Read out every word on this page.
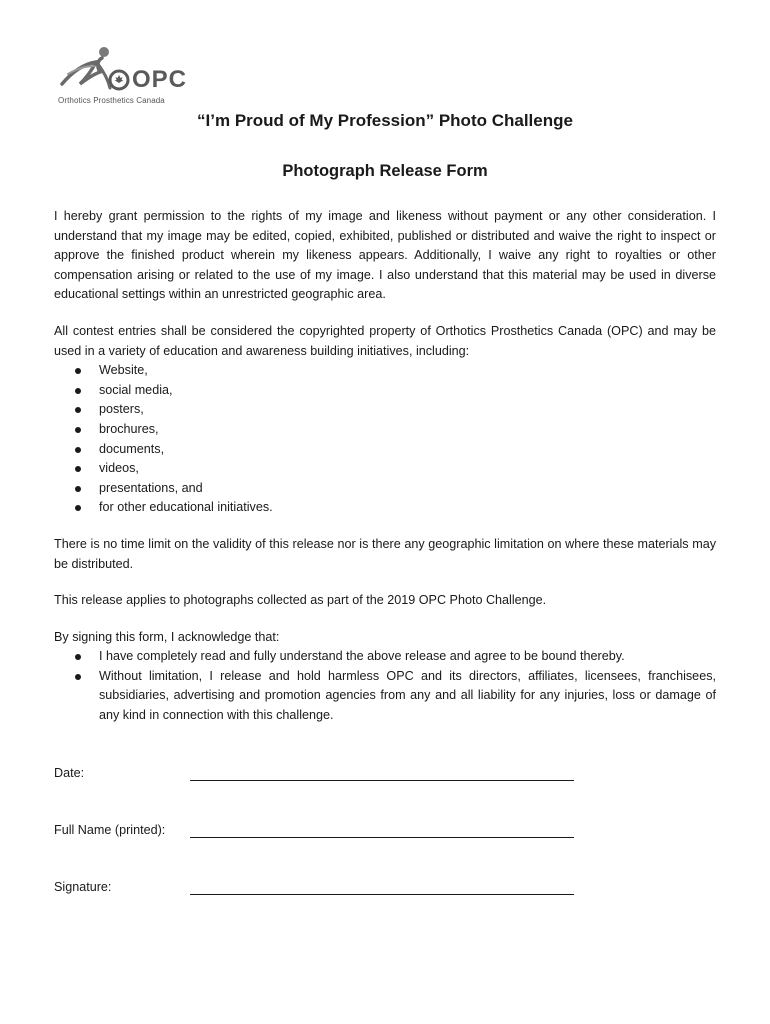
OPC
Orthotics Prosthetics Canada
“I’m Proud of My Profession” Photo Challenge
Photograph Release Form

I hereby grant permission to the rights of my image and likeness without payment or any other consideration. I understand that my image may be edited, copied, exhibited, published or distributed and waive the right to inspect or approve the finished product wherein my likeness appears. Additionally, I waive any right to royalties or other compensation arising or related to the use of my image. I also understand that this material may be used in diverse educational settings within an unrestricted geographic area.

All contest entries shall be considered the copyrighted property of Orthotics Prosthetics Canada (OPC) and may be used in a variety of education and awareness building initiatives, including:

Website,
social media,
posters,
brochures,
documents,
videos,
presentations, and
for other educational initiatives.

There is no time limit on the validity of this release nor is there any geographic limitation on where these materials may be distributed.

This release applies to photographs collected as part of the 2019 OPC Photo Challenge.

By signing this form, I acknowledge that:

I have completely read and fully understand the above release and agree to be bound thereby.
Without limitation, I release and hold harmless OPC and its directors, affiliates, licensees, franchisees, subsidiaries, advertising and promotion agencies from any and all liability for any injuries, loss or damage of any kind in connection with this challenge.
Date:
Full Name (printed):
Signature:
